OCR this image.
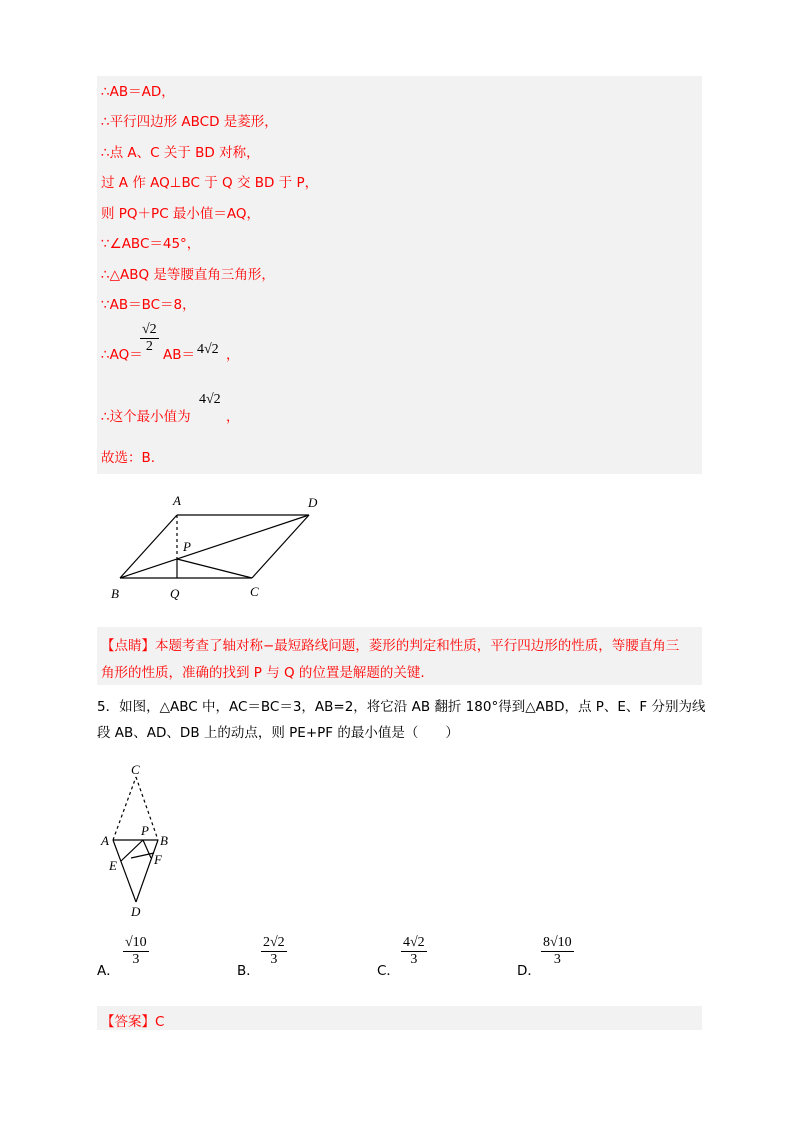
∴AB＝AD，
∴平行四边形 ABCD 是菱形，
∴点 A、C 关于 BD 对称，
过 A 作 AQ⊥BC 于 Q 交 BD 于 P，
则 PQ＋PC 最小值＝AQ，
∵∠ABC＝45°，
∴△ABQ 是等腰直角三角形，
∵AB＝BC＝8，
∴AQ＝
$\frac{√2}{2} AB= 4√2$ ，
∴这个最小值为
4√2
，
故选：B.
A	D
P
B	Q	C
【点睛】本题考查了轴对称−最短路线问题，菱形的判定和性质，平行四边形的性质，等腰直角三
角形的性质，准确的找到 P 与 Q 的位置是解题的关键.
5．如图，△ABC 中，AC＝BC＝3，AB=2，将它沿 AB 翻折 180°得到△ABD，点 P、E、F 分别为线
段 AB、AD、DB 上的动点，则 PE+PF 的最小值是（　　）
C
A
P
B
E	F
D
A．
$\frac{√10}{3}$
B．
$\frac{2√2}{3}$
C．
$\frac{4√2}{3}$
D．
$\frac{8√10}{3}$
【答案】C
